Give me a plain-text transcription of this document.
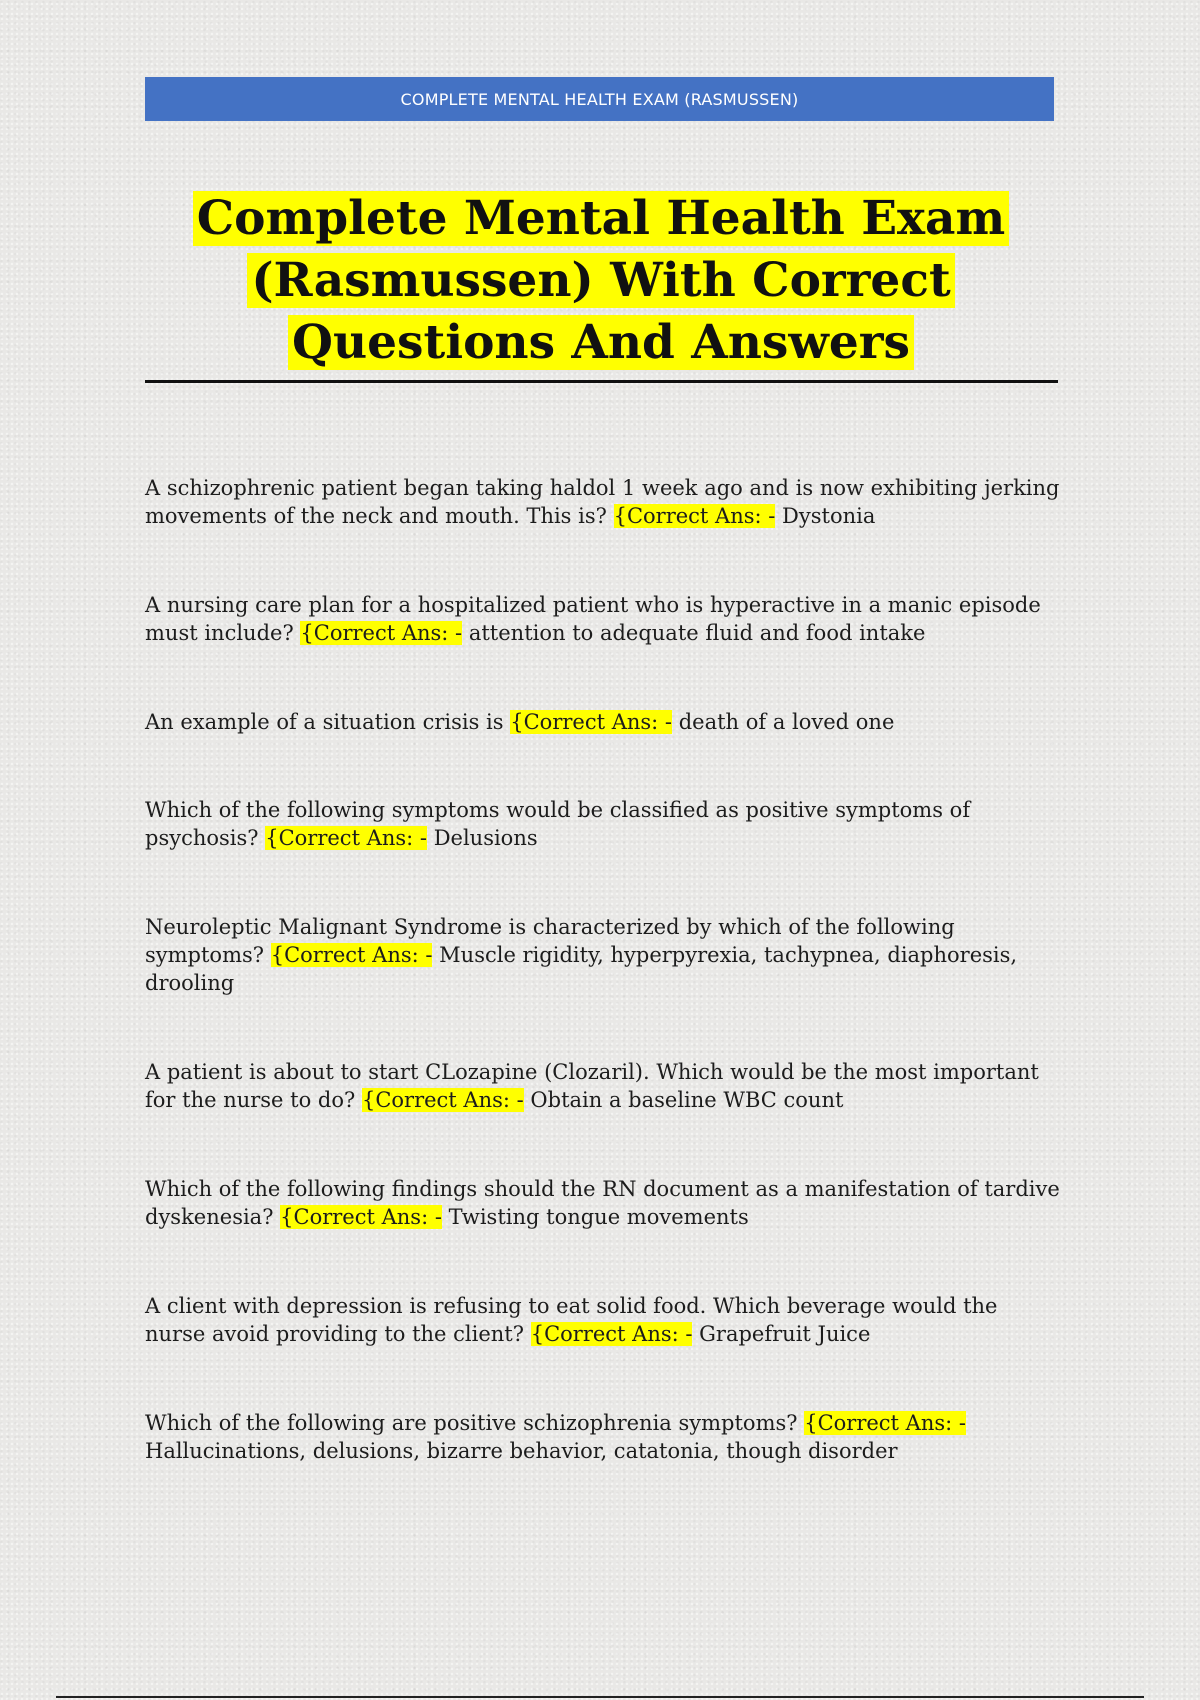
COMPLETE MENTAL HEALTH EXAM (RASMUSSEN)
Complete Mental Health Exam (Rasmussen) With Correct Questions And Answers

A schizophrenic patient began taking haldol 1 week ago and is now exhibiting jerking movements of the neck and mouth. This is? {Correct Ans: - Dystonia

A nursing care plan for a hospitalized patient who is hyperactive in a manic episode must include? {Correct Ans: - attention to adequate fluid and food intake

An example of a situation crisis is {Correct Ans: - death of a loved one

Which of the following symptoms would be classified as positive symptoms of psychosis? {Correct Ans: - Delusions

Neuroleptic Malignant Syndrome is characterized by which of the following symptoms? {Correct Ans: - Muscle rigidity, hyperpyrexia, tachypnea, diaphoresis, drooling

A patient is about to start CLozapine (Clozaril). Which would be the most important for the nurse to do? {Correct Ans: - Obtain a baseline WBC count

Which of the following findings should the RN document as a manifestation of tardive dyskenesia? {Correct Ans: - Twisting tongue movements

A client with depression is refusing to eat solid food. Which beverage would the nurse avoid providing to the client? {Correct Ans: - Grapefruit Juice

Which of the following are positive schizophrenia symptoms? {Correct Ans: - Hallucinations, delusions, bizarre behavior, catatonia, though disorder
